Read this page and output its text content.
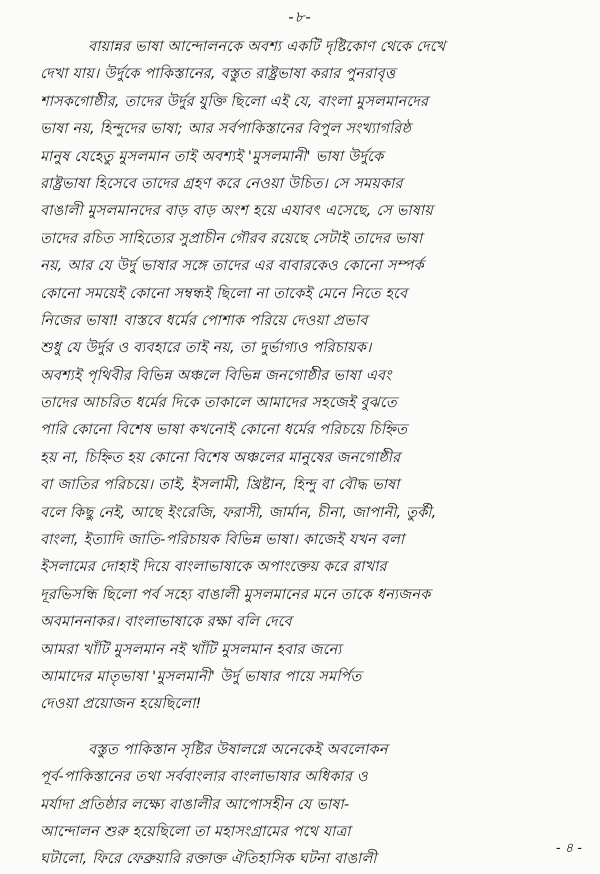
-৮-
বায়ান্নর ভাষা আন্দোলনকে অবশ্য একটি দৃষ্টিকোণ থেকে দেখে
দেখা যায়। উর্দুকে পাকিস্তানের, বস্তুত রাষ্ট্রভাষা করার পুনরাবৃত্ত
শাসকগোষ্ঠীর, তাদের উর্দুর যুক্তি ছিলো এই যে, বাংলা মুসলমানদের
ভাষা নয়, হিন্দুদের ভাষা; আর সর্বপাকিস্তানের বিপুল সংখ্যাগরিষ্ঠ
মানুষ যেহেতু মুসলমান তাই অবশ্যই 'মুসলমানী' ভাষা উর্দুকে
রাষ্ট্রভাষা হিসেবে তাদের গ্রহণ করে নেওয়া উচিত। সে সময়কার
বাঙালী মুসলমানদের বাড় বাড় অংশ হয়ে এযাবৎ এসেছে, সে ভাষায়
তাদের রচিত সাহিত্যের সুপ্রাচীন গৌরব রয়েছে সেটাই তাদের ভাষা
নয়, আর যে উর্দু ভাষার সঙ্গে তাদের এর বাবারকেও কোনো সম্পর্ক
কোনো সময়েই কোনো সম্বন্ধই ছিলো না তাকেই মেনে নিতে হবে
নিজের ভাষা! বাস্তবে ধর্মের পোশাক পরিয়ে দেওয়া প্রভাব
শুধু যে উর্দুর ও ব্যবহারে তাই নয়, তা দুর্ভাগ্যও পরিচায়ক।
অবশ্যই পৃথিবীর বিভিন্ন অঞ্চলে বিভিন্ন জনগোষ্ঠীর ভাষা এবং
তাদের আচরিত ধর্মের দিকে তাকালে আমাদের সহজেই বুঝতে
পারি কোনো বিশেষ ভাষা কখনোই কোনো ধর্মের পরিচয়ে চিহ্নিত
হয় না, চিহ্নিত হয় কোনো বিশেষ অঞ্চলের মানুষের জনগোষ্ঠীর
বা জাতির পরিচয়ে। তাই, ইসলামী, খ্রিষ্টান, হিন্দু বা বৌদ্ধ ভাষা
বলে কিছু নেই, আছে ইংরেজি, ফরাসী, জার্মান, চীনা, জাপানী, তুর্কী,
বাংলা, ইত্যাদি জাতি-পরিচায়ক বিভিন্ন ভাষা। কাজেই যখন বলা
ইসলামের দোহাই দিয়ে বাংলাভাষাকে অপাংক্তেয় করে রাখার
দূরভিসন্ধি ছিলো পর্ব সহ্যে বাঙালী মুসলমানের মনে তাকে ধন্যজনক
অবমাননাকর। বাংলাভাষাকে রক্ষা বলি দেবে
আমরা খাঁটি মুসলমান নই খাঁটি মুসলমান হবার জন্যে
আমাদের মাতৃভাষা 'মুসলমানী' উর্দু ভাষার পায়ে সমর্পিত
দেওয়া প্রয়োজন হয়েছিলো!
বস্তুত পাকিস্তান সৃষ্টির উষালগ্নে অনেকেই অবলোকন
পূর্ব-পাকিস্তানের তথা সর্ববাংলার বাংলাভাষার অধিকার ও
মর্যাদা প্রতিষ্ঠার লক্ষ্যে বাঙালীর আপোসহীন যে ভাষা-
আন্দোলন শুরু হয়েছিলো তা মহাসংগ্রামের পথে যাত্রা
ঘটালো, ফিরে ফেব্রুয়ারি রক্তাক্ত ঐতিহাসিক ঘটনা বাঙালী
- ৪ -
